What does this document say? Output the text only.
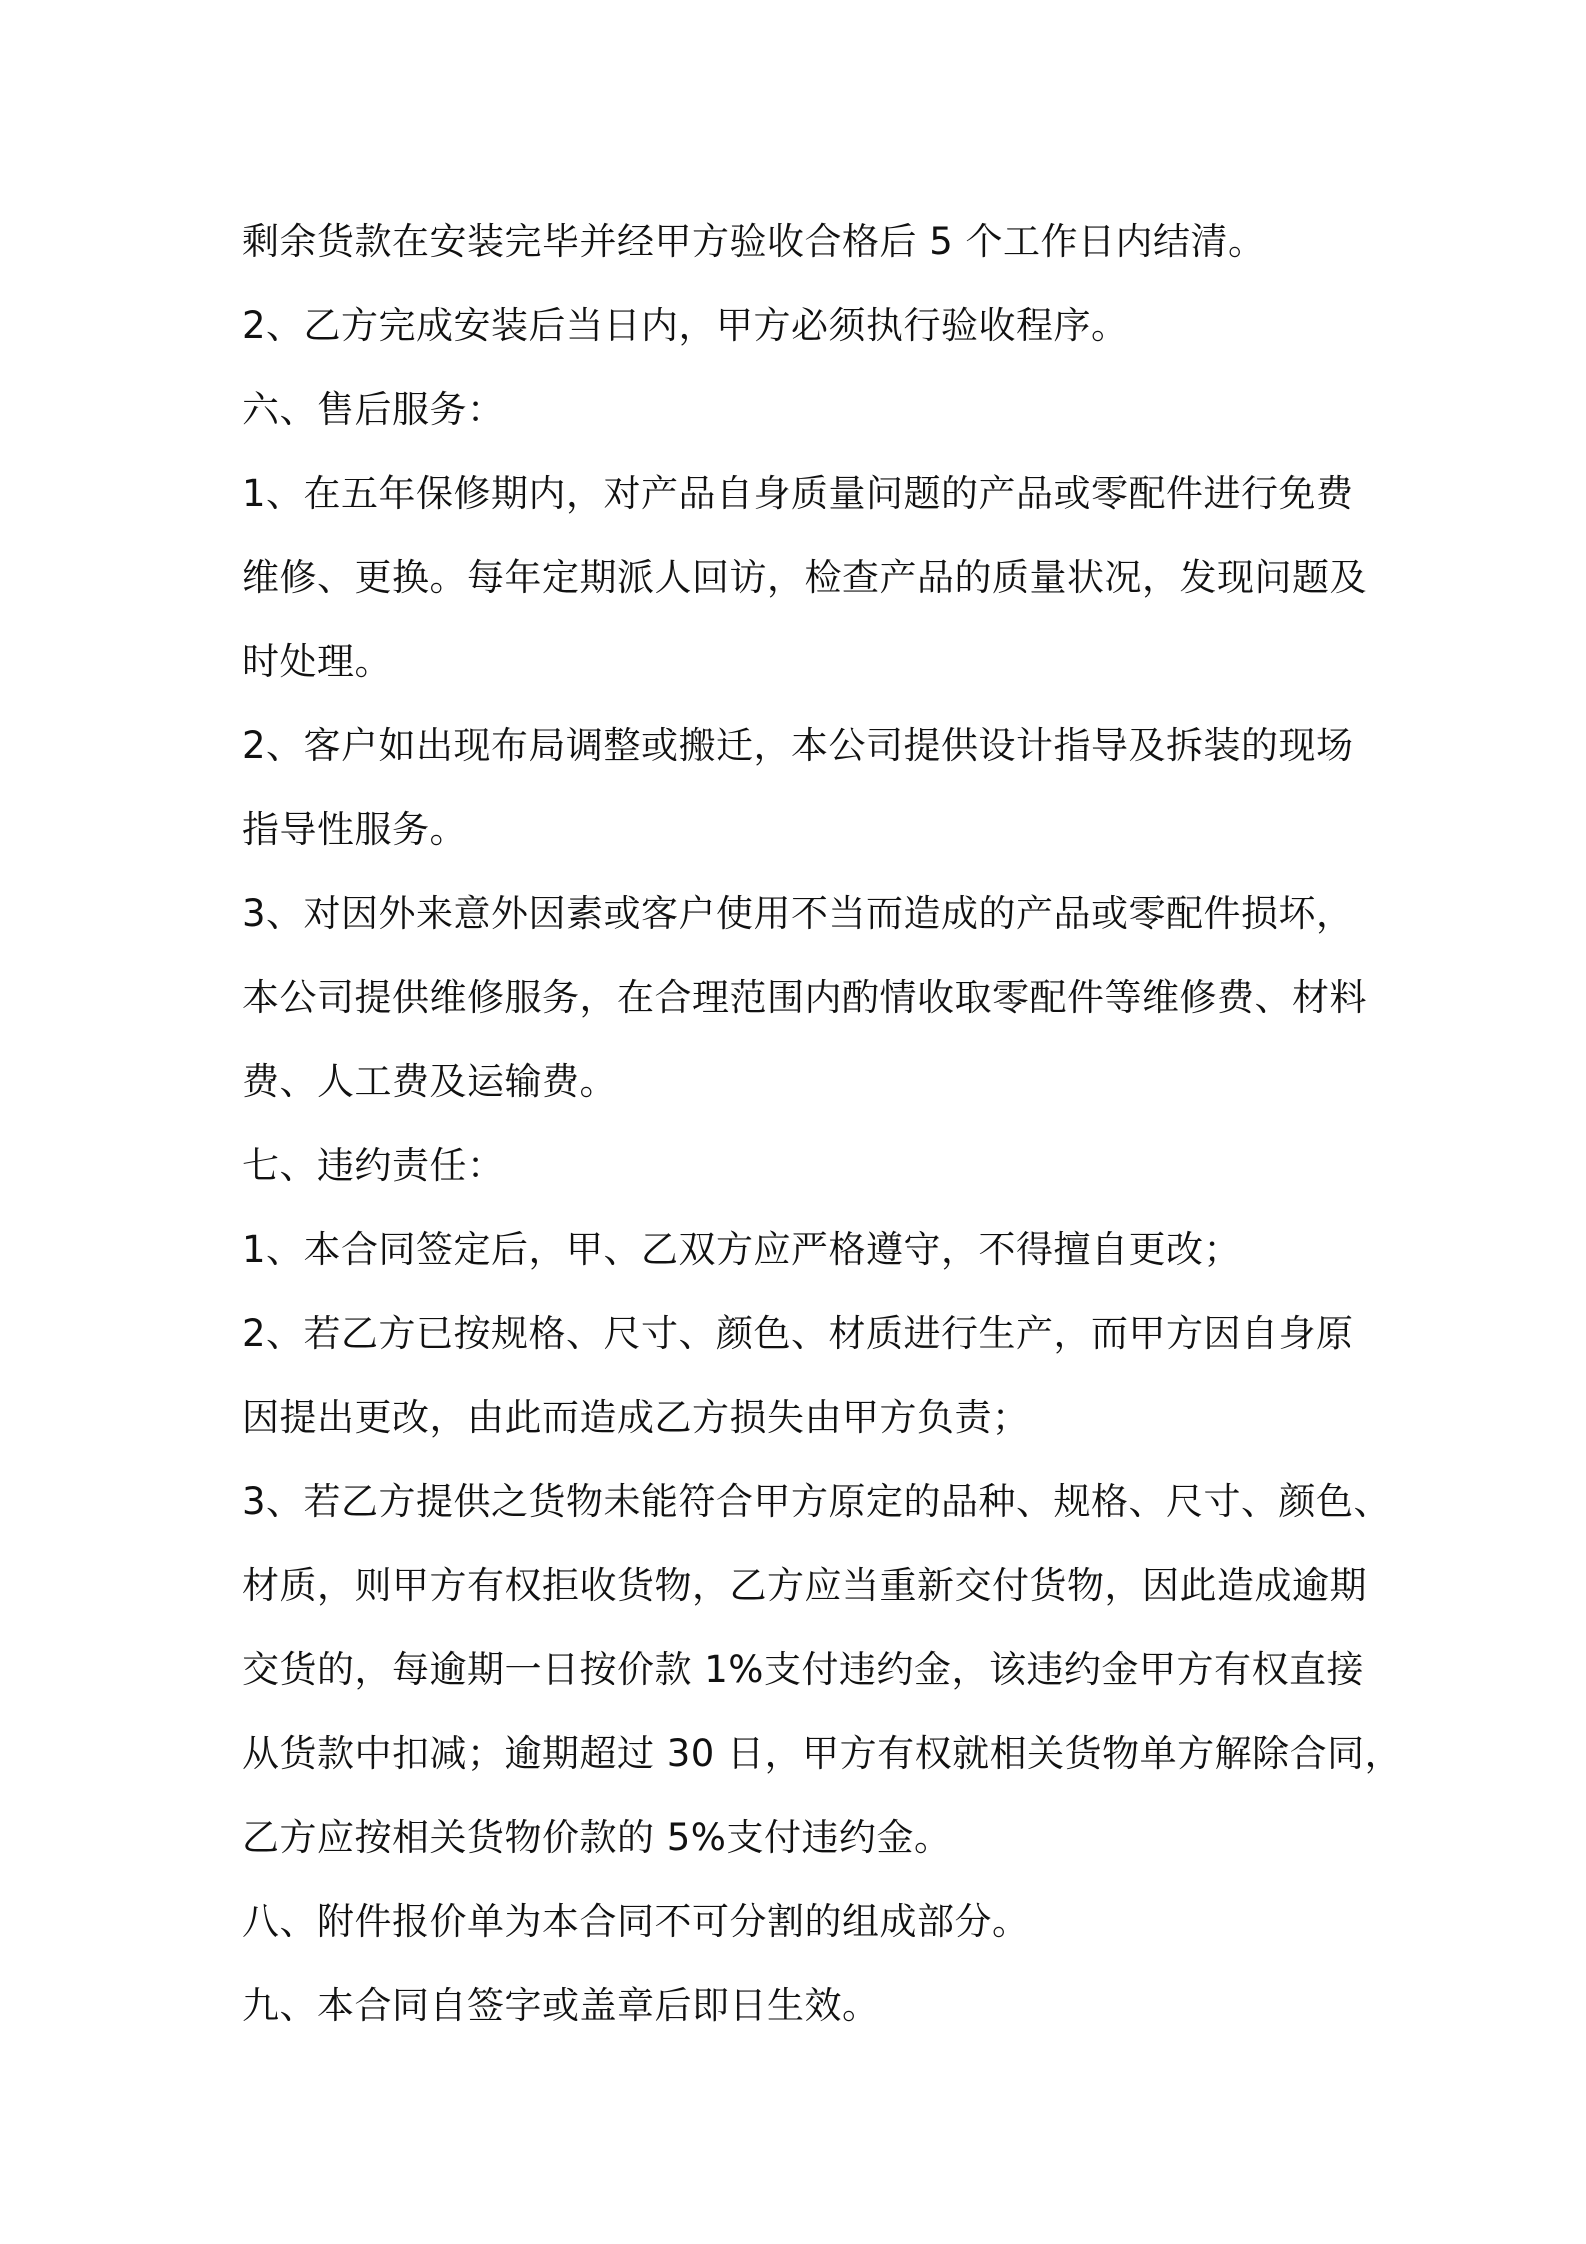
剩余货款在安装完毕并经甲方验收合格后 5 个工作日内结清。
2、乙方完成安装后当日内，甲方必须执行验收程序。
六、售后服务：
1、在五年保修期内，对产品自身质量问题的产品或零配件进行免费
维修、更换。每年定期派人回访，检查产品的质量状况，发现问题及
时处理。
2、客户如出现布局调整或搬迁，本公司提供设计指导及拆装的现场
指导性服务。
3、对因外来意外因素或客户使用不当而造成的产品或零配件损坏，
本公司提供维修服务，在合理范围内酌情收取零配件等维修费、材料
费、人工费及运输费。
七、违约责任：
1、本合同签定后，甲、乙双方应严格遵守，不得擅自更改；
2、若乙方已按规格、尺寸、颜色、材质进行生产，而甲方因自身原
因提出更改，由此而造成乙方损失由甲方负责；
3、若乙方提供之货物未能符合甲方原定的品种、规格、尺寸、颜色、
材质，则甲方有权拒收货物，乙方应当重新交付货物，因此造成逾期
交货的，每逾期一日按价款 1%支付违约金，该违约金甲方有权直接
从货款中扣减；逾期超过 30 日，甲方有权就相关货物单方解除合同，
乙方应按相关货物价款的 5%支付违约金。
八、附件报价单为本合同不可分割的组成部分。
九、本合同自签字或盖章后即日生效。
